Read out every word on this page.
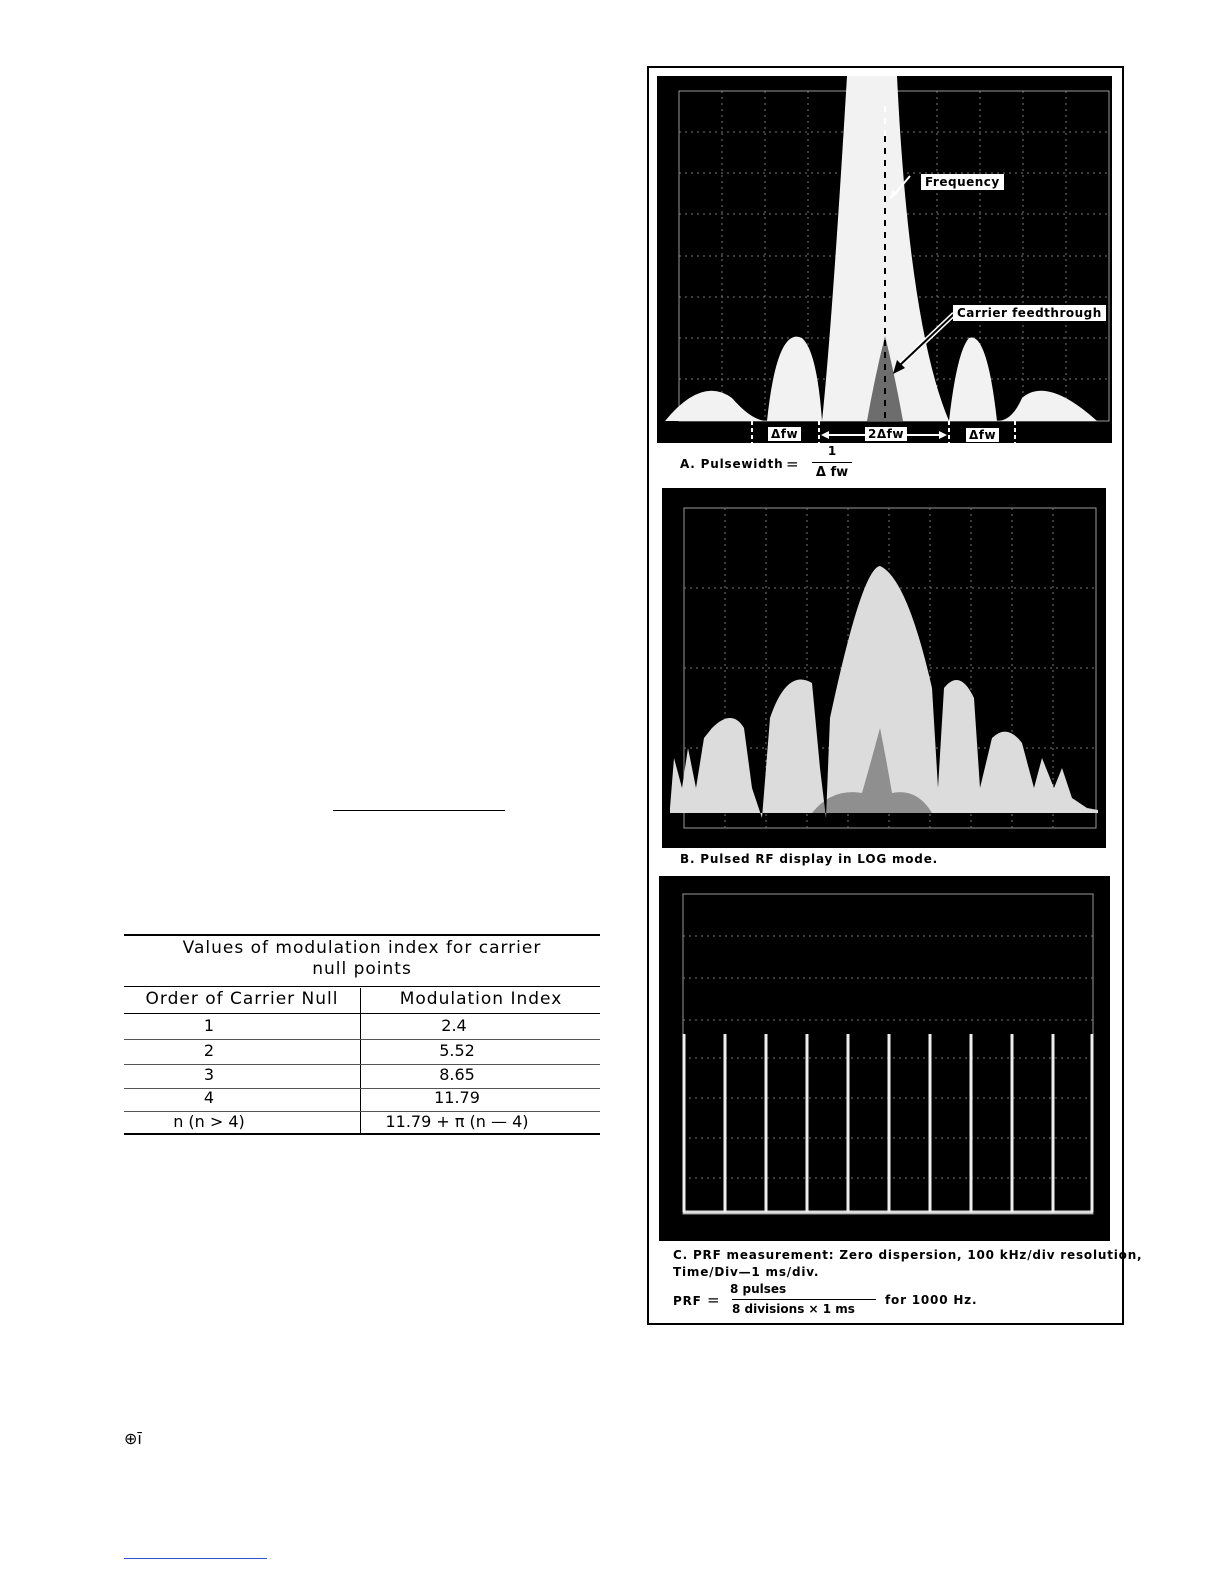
Values of modulation index for carrier
null points
Order of Carrier Null	Modulation Index
1	2.4
2	5.52
3	8.65
4	11.79
n (n > 4)	11.79 + π (n — 4)
Frequency
Carrier feedthrough
Δfw	2Δfw	Δfw
A. Pulsewidth =
1
Δ fw
B. Pulsed RF display in LOG mode.
C. PRF measurement: Zero dispersion, 100 kHz/div resolution,
Time/Div—1 ms/div.
PRF =
8 pulses
8 divisions × 1 ms
for 1000 Hz.
⊕ī
